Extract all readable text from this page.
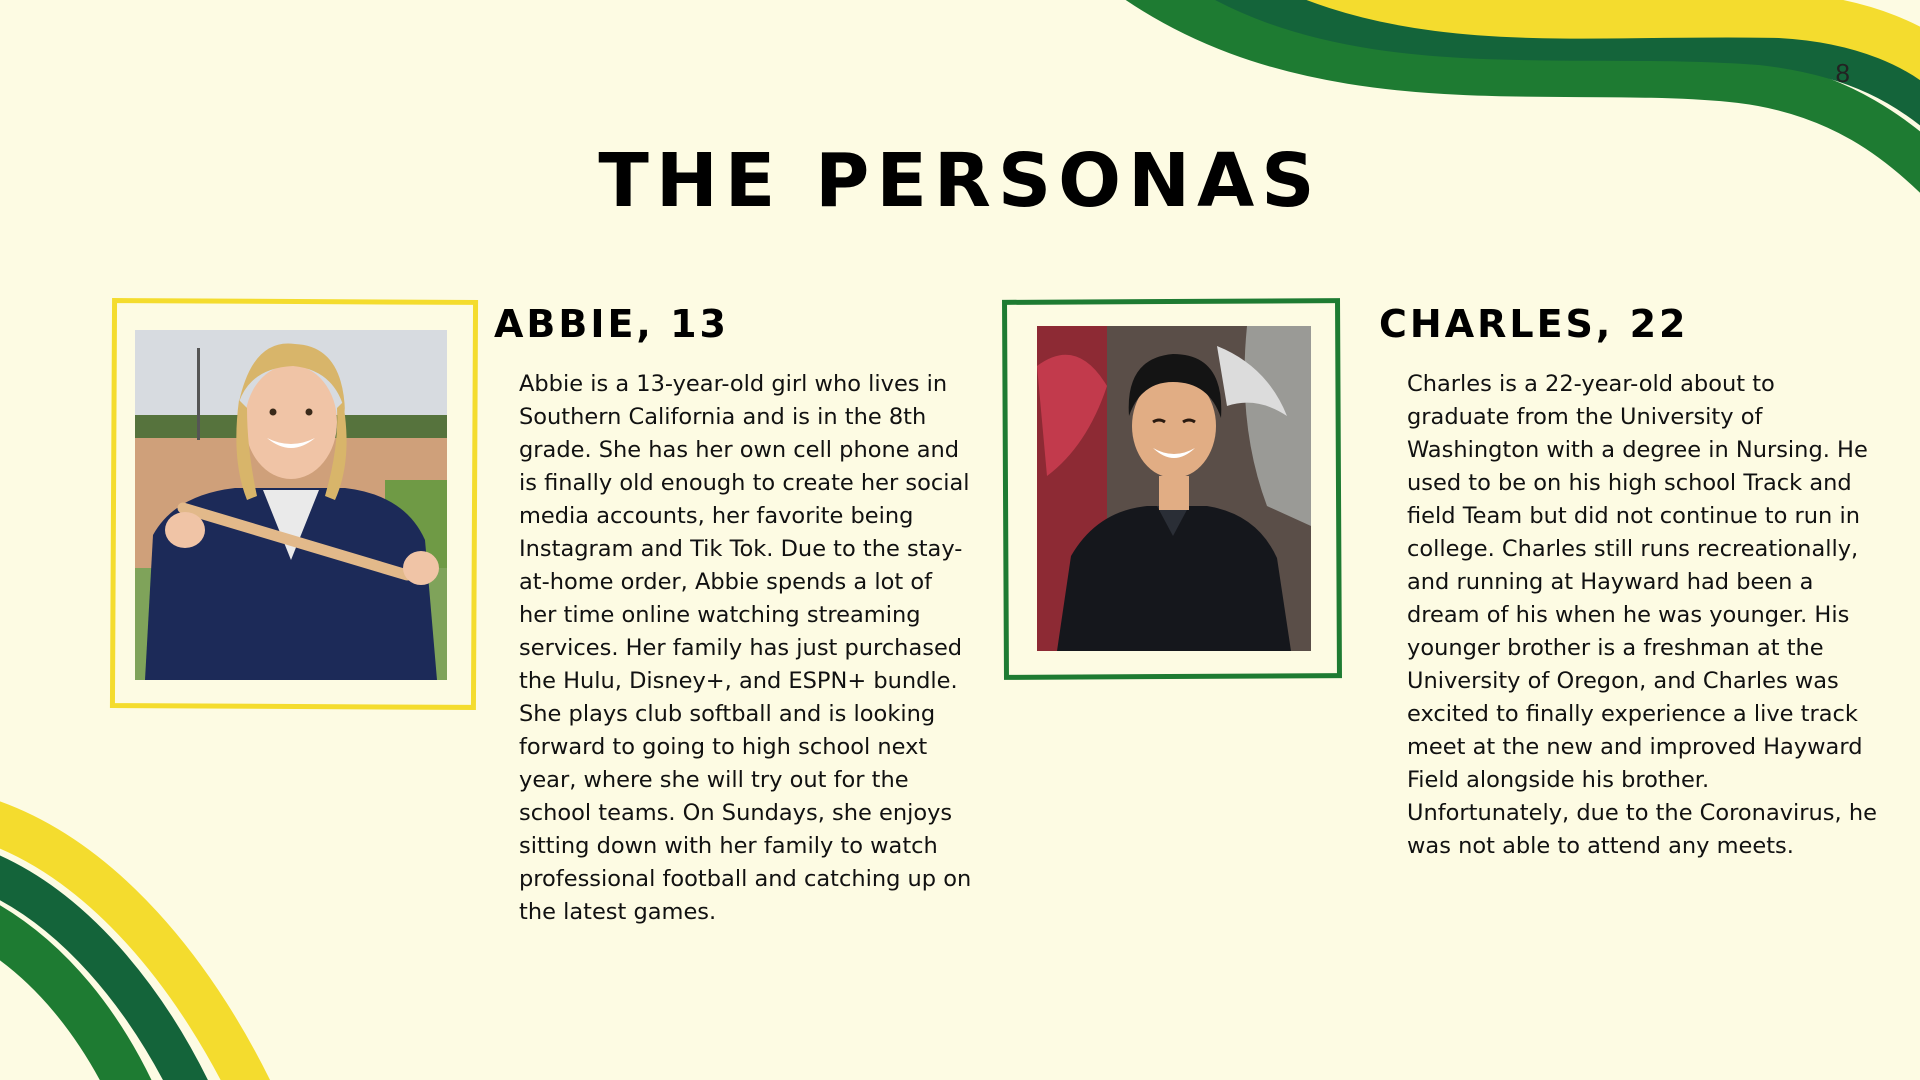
8
THE PERSONAS
ABBIE, 13

Abbie is a 13-year-old girl who lives in Southern California and is in the 8th grade. She has her own cell phone and is finally old enough to create her social media accounts, her favorite being Instagram and Tik Tok. Due to the stay-at-home order, Abbie spends a lot of her time online watching streaming services. Her family has just purchased the Hulu, Disney+, and ESPN+ bundle. She plays club softball and is looking forward to going to high school next year, where she will try out for the school teams. On Sundays, she enjoys sitting down with her family to watch professional football and catching up on the latest games.

CHARLES, 22

Charles is a 22-year-old about to graduate from the University of Washington with a degree in Nursing. He used to be on his high school Track and field Team but did not continue to run in college. Charles still runs recreationally, and running at Hayward had been a dream of his when he was younger. His younger brother is a freshman at the University of Oregon, and Charles was excited to finally experience a live track meet at the new and improved Hayward Field alongside his brother. Unfortunately, due to the Coronavirus, he was not able to attend any meets.
